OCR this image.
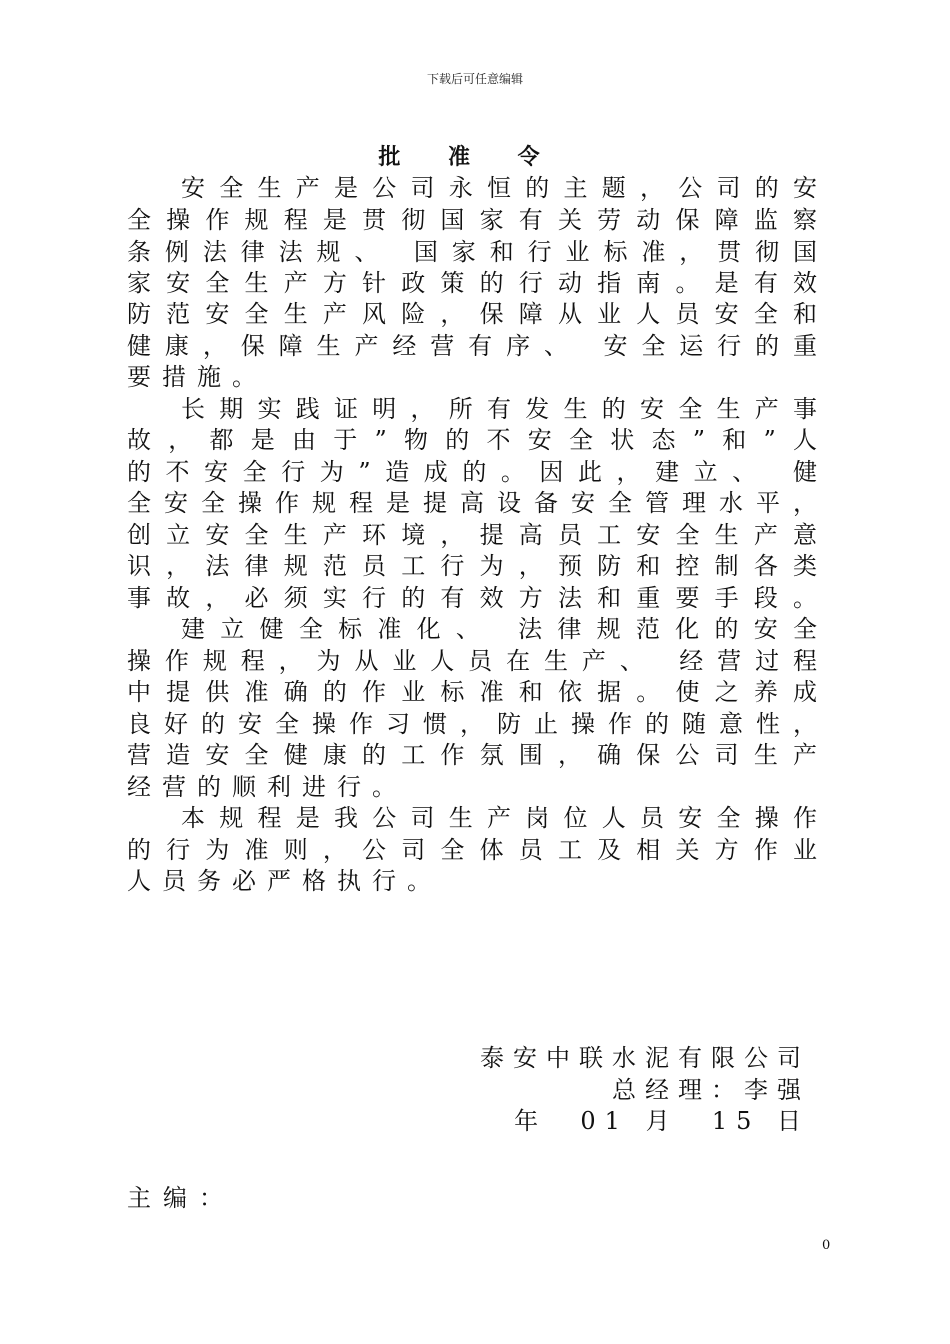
下载后可任意编辑
批 准 令
安全生产是公司永恒的主题，公司的安
全操作规程是贯彻国家有关劳动保障监察
条例法律法规、 国家和行业标准，贯彻国
家安全生产方针政策的行动指南。是有效
防范安全生产风险，保障从业人员安全和
健康，保障生产经营有序、 安全运行的重
要措施。
长期实践证明，所有发生的安全生产事
故，都是由于”物的不安全状态”和”人
的不安全行为”造成的。因此，建立、 健
全安全操作规程是提高设备安全管理水平，
创立安全生产环境，提高员工安全生产意
识，法律规范员工行为，预防和控制各类
事故，必须实行的有效方法和重要手段。
建立健全标准化、 法律规范化的安全
操作规程，为从业人员在生产、 经营过程
中提供准确的作业标准和依据。使之养成
良好的安全操作习惯，防止操作的随意性，
营造安全健康的工作氛围，确保公司生产
经营的顺利进行。
本规程是我公司生产岗位人员安全操作
的行为准则，公司全体员工及相关方作业
人员务必严格执行。
泰安中联水泥有限公司
总经理：李强
年  01 月  15 日
主编：
0
